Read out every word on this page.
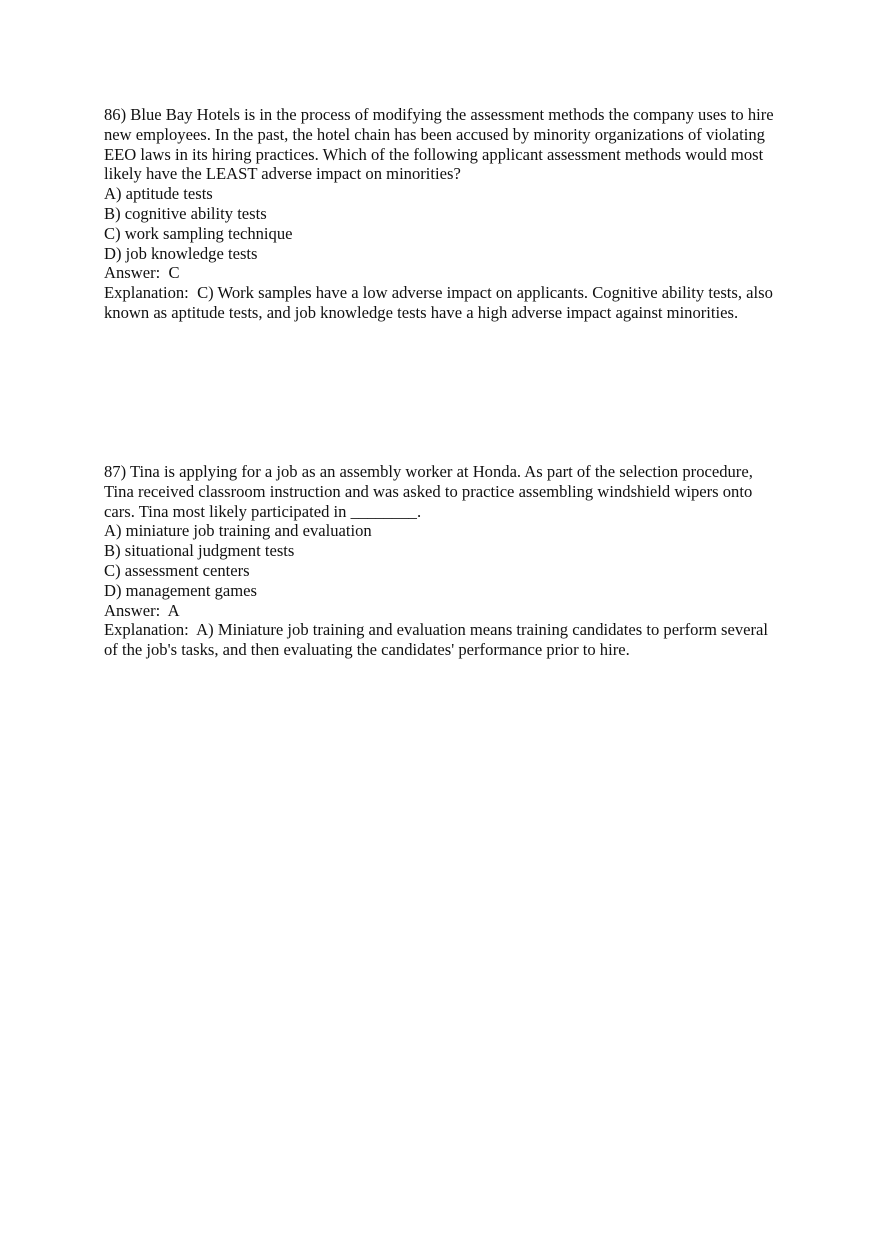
86) Blue Bay Hotels is in the process of modifying the assessment methods the company uses to hire new employees. In the past, the hotel chain has been accused by minority organizations of violating EEO laws in its hiring practices. Which of the following applicant assessment methods would most likely have the LEAST adverse impact on minorities?
A) aptitude tests
B) cognitive ability tests
C) work sampling technique
D) job knowledge tests
Answer:  C
Explanation:  C) Work samples have a low adverse impact on applicants. Cognitive ability tests, also known as aptitude tests, and job knowledge tests have a high adverse impact against minorities.
87) Tina is applying for a job as an assembly worker at Honda. As part of the selection procedure, Tina received classroom instruction and was asked to practice assembling windshield wipers onto cars. Tina most likely participated in ________.
A) miniature job training and evaluation
B) situational judgment tests
C) assessment centers
D) management games
Answer:  A
Explanation:  A) Miniature job training and evaluation means training candidates to perform several of the job's tasks, and then evaluating the candidates' performance prior to hire.
